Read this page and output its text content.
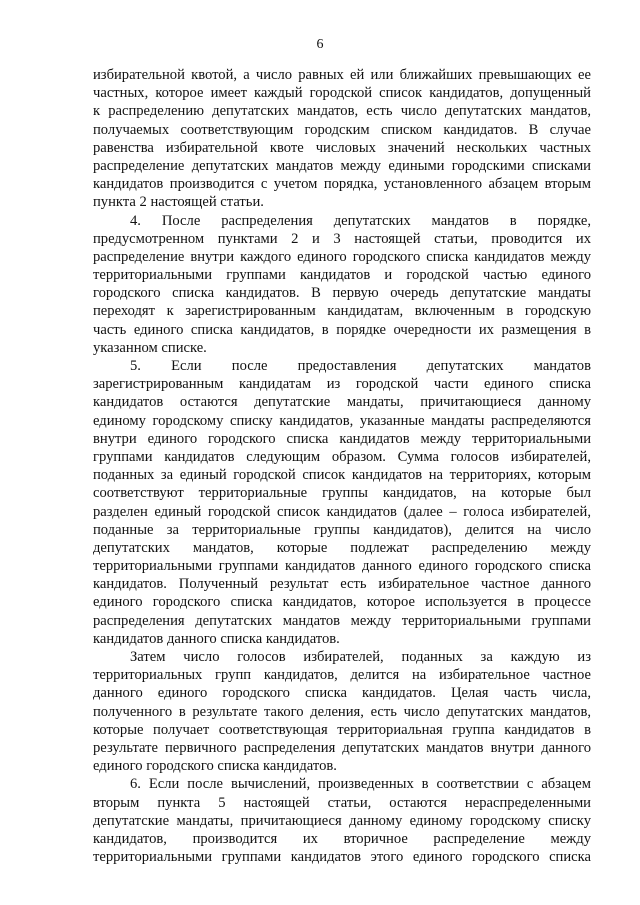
6
избирательной квотой, а число равных ей или ближайших превышающих ее
частных, которое имеет каждый городской список кандидатов, допущенный
к распределению депутатских мандатов, есть число депутатских мандатов,
получаемых соответствующим городским списком кандидатов. В случае
равенства избирательной квоте числовых значений нескольких частных
распределение депутатских мандатов между едиными городскими списками
кандидатов производится с учетом порядка, установленного абзацем вторым
пункта 2 настоящей статьи.
4. После распределения депутатских мандатов в порядке,
предусмотренном пунктами 2 и 3 настоящей статьи, проводится их
распределение внутри каждого единого городского списка кандидатов между
территориальными группами кандидатов и городской частью единого
городского списка кандидатов. В первую очередь депутатские мандаты
переходят к зарегистрированным кандидатам, включенным в городскую
часть единого списка кандидатов, в порядке очередности их размещения в
указанном списке.
5. Если после предоставления депутатских мандатов
зарегистрированным кандидатам из городской части единого списка
кандидатов остаются депутатские мандаты, причитающиеся данному
единому городскому списку кандидатов, указанные мандаты распределяются
внутри единого городского списка кандидатов между территориальными
группами кандидатов следующим образом. Сумма голосов избирателей,
поданных за единый городской список кандидатов на территориях, которым
соответствуют территориальные группы кандидатов, на которые был
разделен единый городской список кандидатов (далее – голоса избирателей,
поданные за территориальные группы кандидатов), делится на число
депутатских мандатов, которые подлежат распределению между
территориальными группами кандидатов данного единого городского списка
кандидатов. Полученный результат есть избирательное частное данного
единого городского списка кандидатов, которое используется в процессе
распределения депутатских мандатов между территориальными группами
кандидатов данного списка кандидатов.
Затем число голосов избирателей, поданных за каждую из
территориальных групп кандидатов, делится на избирательное частное
данного единого городского списка кандидатов. Целая часть числа,
полученного в результате такого деления, есть число депутатских мандатов,
которые получает соответствующая территориальная группа кандидатов в
результате первичного распределения депутатских мандатов внутри данного
единого городского списка кандидатов.
6. Если после вычислений, произведенных в соответствии с абзацем
вторым пункта 5 настоящей статьи, остаются нераспределенными
депутатские мандаты, причитающиеся данному единому городскому списку
кандидатов, производится их вторичное распределение между
территориальными группами кандидатов этого единого городского списка
